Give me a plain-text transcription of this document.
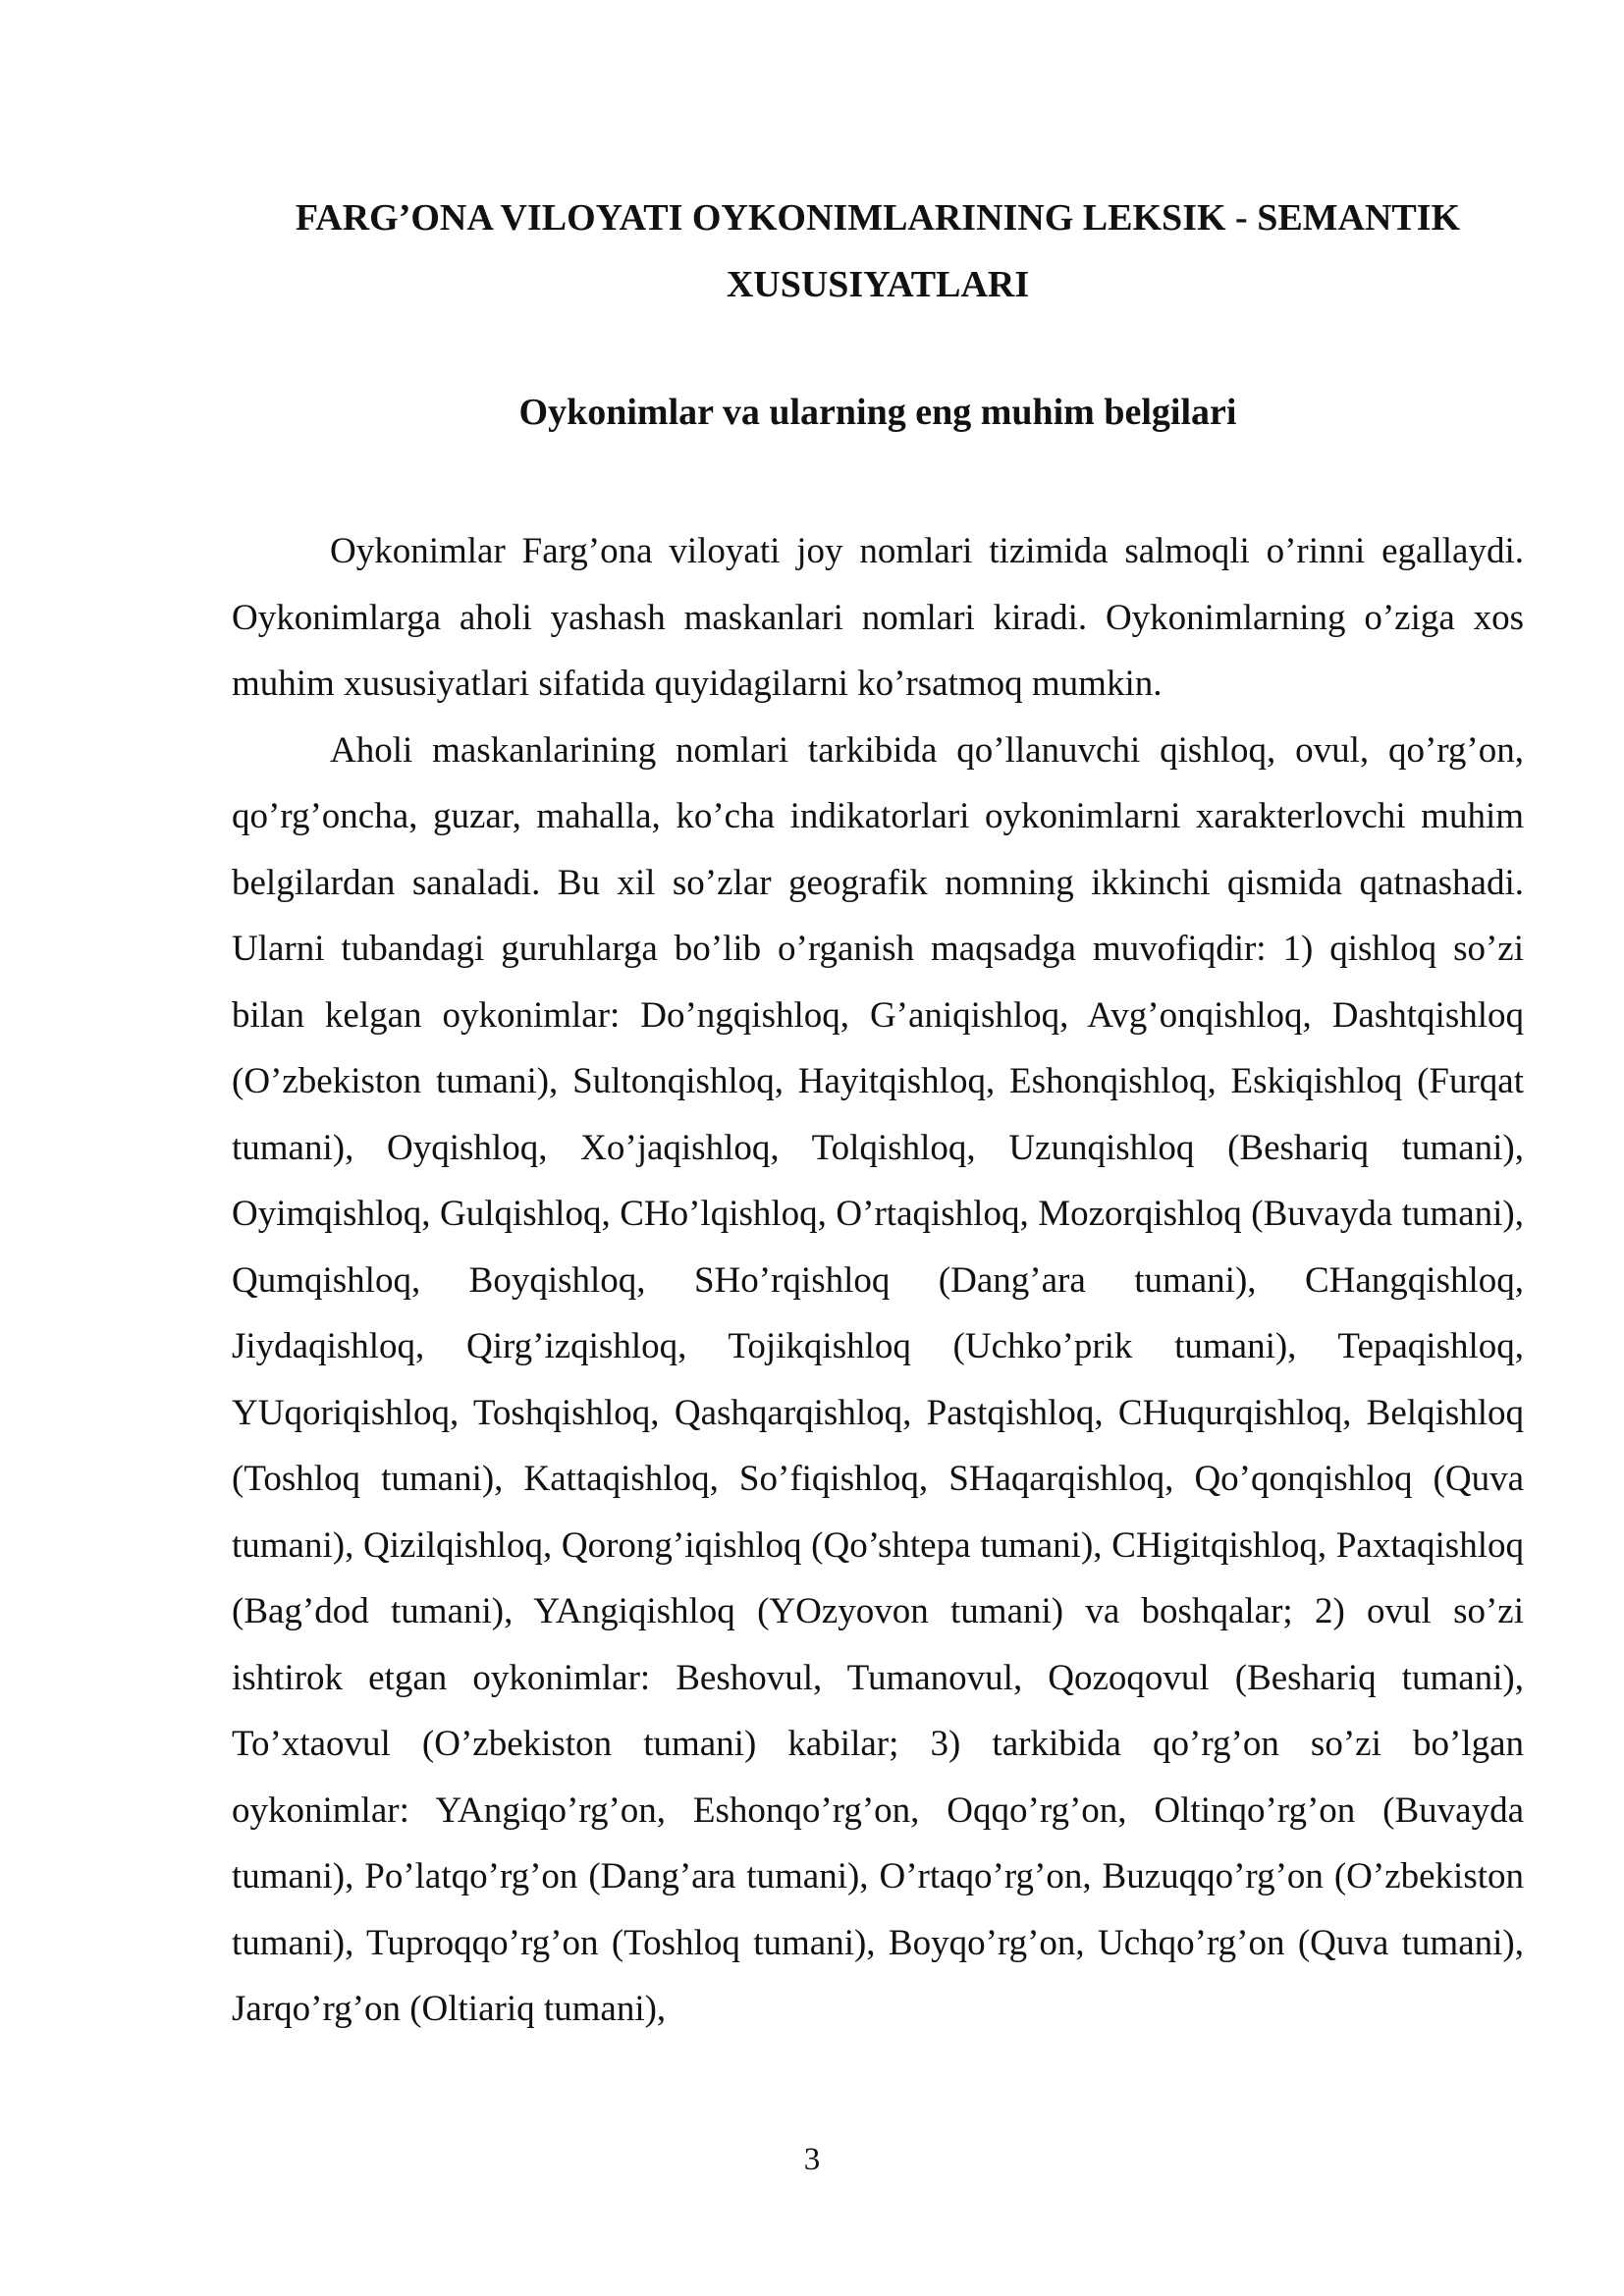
FARG’ONA VILOYATI OYKONIMLARINING LEKSIK - SEMANTIK
XUSUSIYATLARI
Oykonimlar va ularning eng muhim belgilari

Oykonimlar Farg’ona viloyati joy nomlari tizimida salmoqli o’rinni egallaydi. Oykonimlarga aholi yashash maskanlari nomlari kiradi. Oykonimlarning o’ziga xos muhim xususiyatlari sifatida quyidagilarni ko’rsatmoq mumkin.

Aholi maskanlarining nomlari tarkibida qo’llanuvchi qishloq, ovul, qo’rg’on, qo’rg’oncha, guzar, mahalla, ko’cha indikatorlari oykonimlarni xarakterlovchi muhim belgilardan sanaladi. Bu xil so’zlar geografik nomning ikkinchi qismida qatnashadi. Ularni tubandagi guruhlarga bo’lib o’rganish maqsadga muvofiqdir: 1) qishloq so’zi bilan kelgan oykonimlar: Do’ngqishloq, G’aniqishloq, Avg’onqishloq, Dashtqishloq (O’zbekiston tumani), Sultonqishloq, Hayitqishloq, Eshonqishloq, Eskiqishloq (Furqat tumani), Oyqishloq, Xo’jaqishloq, Tolqishloq, Uzunqishloq (Beshariq tumani), Oyimqishloq, Gulqishloq, CHo’lqishloq, O’rtaqishloq, Mozorqishloq (Buvayda tumani), Qumqishloq, Boyqishloq, SHo’rqishloq (Dang’ara tumani), CHangqishloq, Jiydaqishloq, Qirg’izqishloq, Tojikqishloq (Uchko’prik tumani), Tepaqishloq, YUqoriqishloq, Toshqishloq, Qashqarqishloq, Pastqishloq, CHuqurqishloq, Belqishloq (Toshloq tumani), Kattaqishloq, So’fiqishloq, SHaqarqishloq, Qo’qonqishloq (Quva tumani), Qizilqishloq, Qorong’iqishloq (Qo’shtepa tumani), CHigitqishloq, Paxtaqishloq (Bag’dod tumani), YAngiqishloq (YOzyovon tumani) va boshqalar; 2) ovul so’zi ishtirok etgan oykonimlar: Beshovul, Tumanovul, Qozoqovul (Beshariq tumani), To’xtaovul (O’zbekiston tumani) kabilar; 3) tarkibida qo’rg’on so’zi bo’lgan oykonimlar: YAngiqo’rg’on, Eshonqo’rg’on, Oqqo’rg’on, Oltinqo’rg’on (Buvayda tumani), Po’latqo’rg’on (Dang’ara tumani), O’rtaqo’rg’on, Buzuqqo’rg’on (O’zbekiston tumani), Tuproqqo’rg’on (Toshloq tumani), Boyqo’rg’on, Uchqo’rg’on (Quva tumani), Jarqo’rg’on (Oltiariq tumani),

3
